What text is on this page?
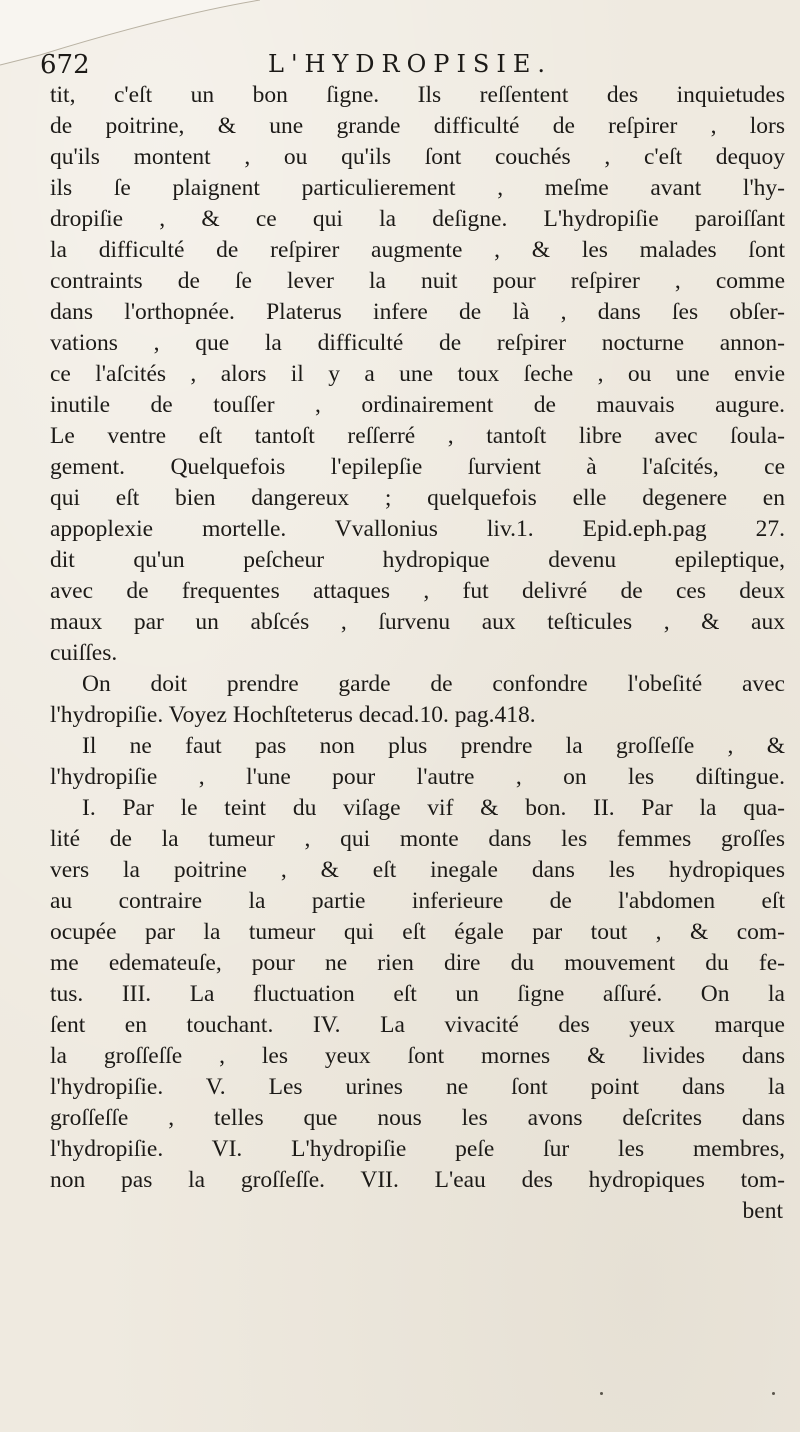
672	L'HYDROPISIE.
tit, c'eſt un bon ſigne. Ils reſſentent des inquietudes
de poitrine, & une grande difficulté de reſpirer , lors
qu'ils montent , ou qu'ils ſont couchés , c'eſt dequoy
ils ſe plaignent particulierement , meſme avant l'hy-
dropiſie , & ce qui la deſigne. L'hydropiſie paroiſſant
la difficulté de reſpirer augmente , & les malades ſont
contraints de ſe lever la nuit pour reſpirer , comme
dans l'orthopnée. Platerus infere de là , dans ſes obſer-
vations , que la difficulté de reſpirer nocturne annon-
ce l'aſcités , alors il y a une toux ſeche , ou une envie
inutile de touſſer , ordinairement de mauvais augure.
Le ventre eſt tantoſt reſſerré , tantoſt libre avec ſoula-
gement. Quelquefois l'epilepſie ſurvient à l'aſcités, ce
qui eſt bien dangereux ; quelquefois elle degenere en
appoplexie mortelle. Vvallonius liv.1. Epid.eph.pag 27.
dit qu'un peſcheur hydropique devenu epileptique,
avec de frequentes attaques , fut delivré de ces deux
maux par un abſcés , ſurvenu aux teſticules , & aux
cuiſſes.
On doit prendre garde de confondre l'obeſité avec
l'hydropiſie. Voyez Hochſteterus decad.10. pag.418.
Il ne faut pas non plus prendre la groſſeſſe , &
l'hydropiſie , l'une pour l'autre , on les diſtingue.
I. Par le teint du viſage vif & bon. II. Par la qua-
lité de la tumeur , qui monte dans les femmes groſſes
vers la poitrine , & eſt inegale dans les hydropiques
au contraire la partie inferieure de l'abdomen eſt
ocupée par la tumeur qui eſt égale par tout , & com-
me edemateuſe, pour ne rien dire du mouvement du fe-
tus. III. La fluctuation eſt un ſigne aſſuré. On la
ſent en touchant. IV. La vivacité des yeux marque
la groſſeſſe , les yeux ſont mornes & livides dans
l'hydropiſie. V. Les urines ne ſont point dans la
groſſeſſe , telles que nous les avons deſcrites dans
l'hydropiſie. VI. L'hydropiſie peſe ſur les membres,
non pas la groſſeſſe. VII. L'eau des hydropiques tom-
bent
